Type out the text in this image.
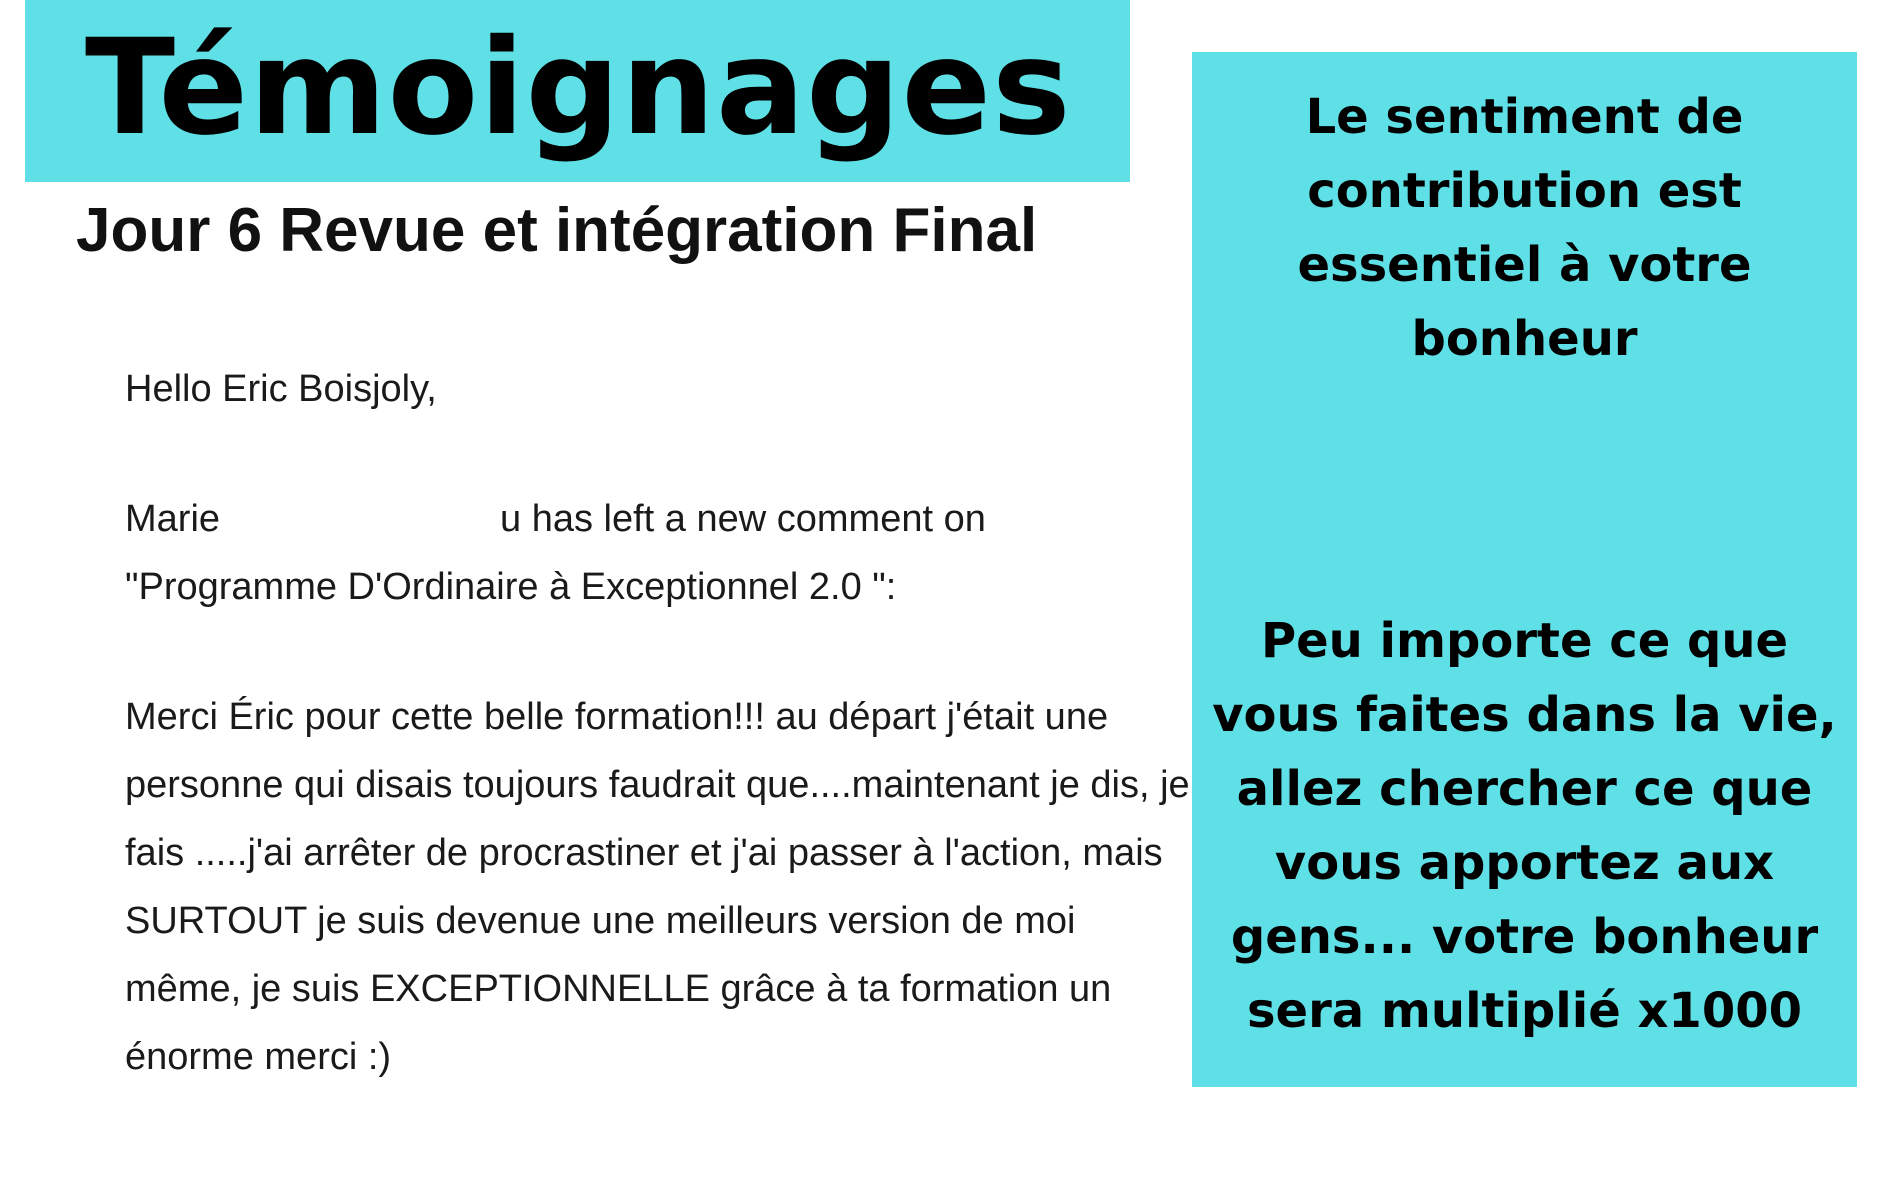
Témoignages
Jour 6 Revue et intégration Final

Hello Eric Boisjoly,

Marie	u has left a new comment on

"Programme D'Ordinaire à Exceptionnel 2.0 ":

Merci Éric pour cette belle formation!!! au départ j'était une personne qui disais toujours faudrait que....maintenant je dis, je fais .....j'ai arrêter de procrastiner et j'ai passer à l'action, mais SURTOUT je suis devenue une meilleurs version de moi même, je suis EXCEPTIONNELLE grâce à ta formation un énorme merci :)

Le sentiment de contribution est essentiel à votre bonheur
Peu importe ce que vous faites dans la vie, allez chercher ce que vous apportez aux gens... votre bonheur sera multiplié x1000
